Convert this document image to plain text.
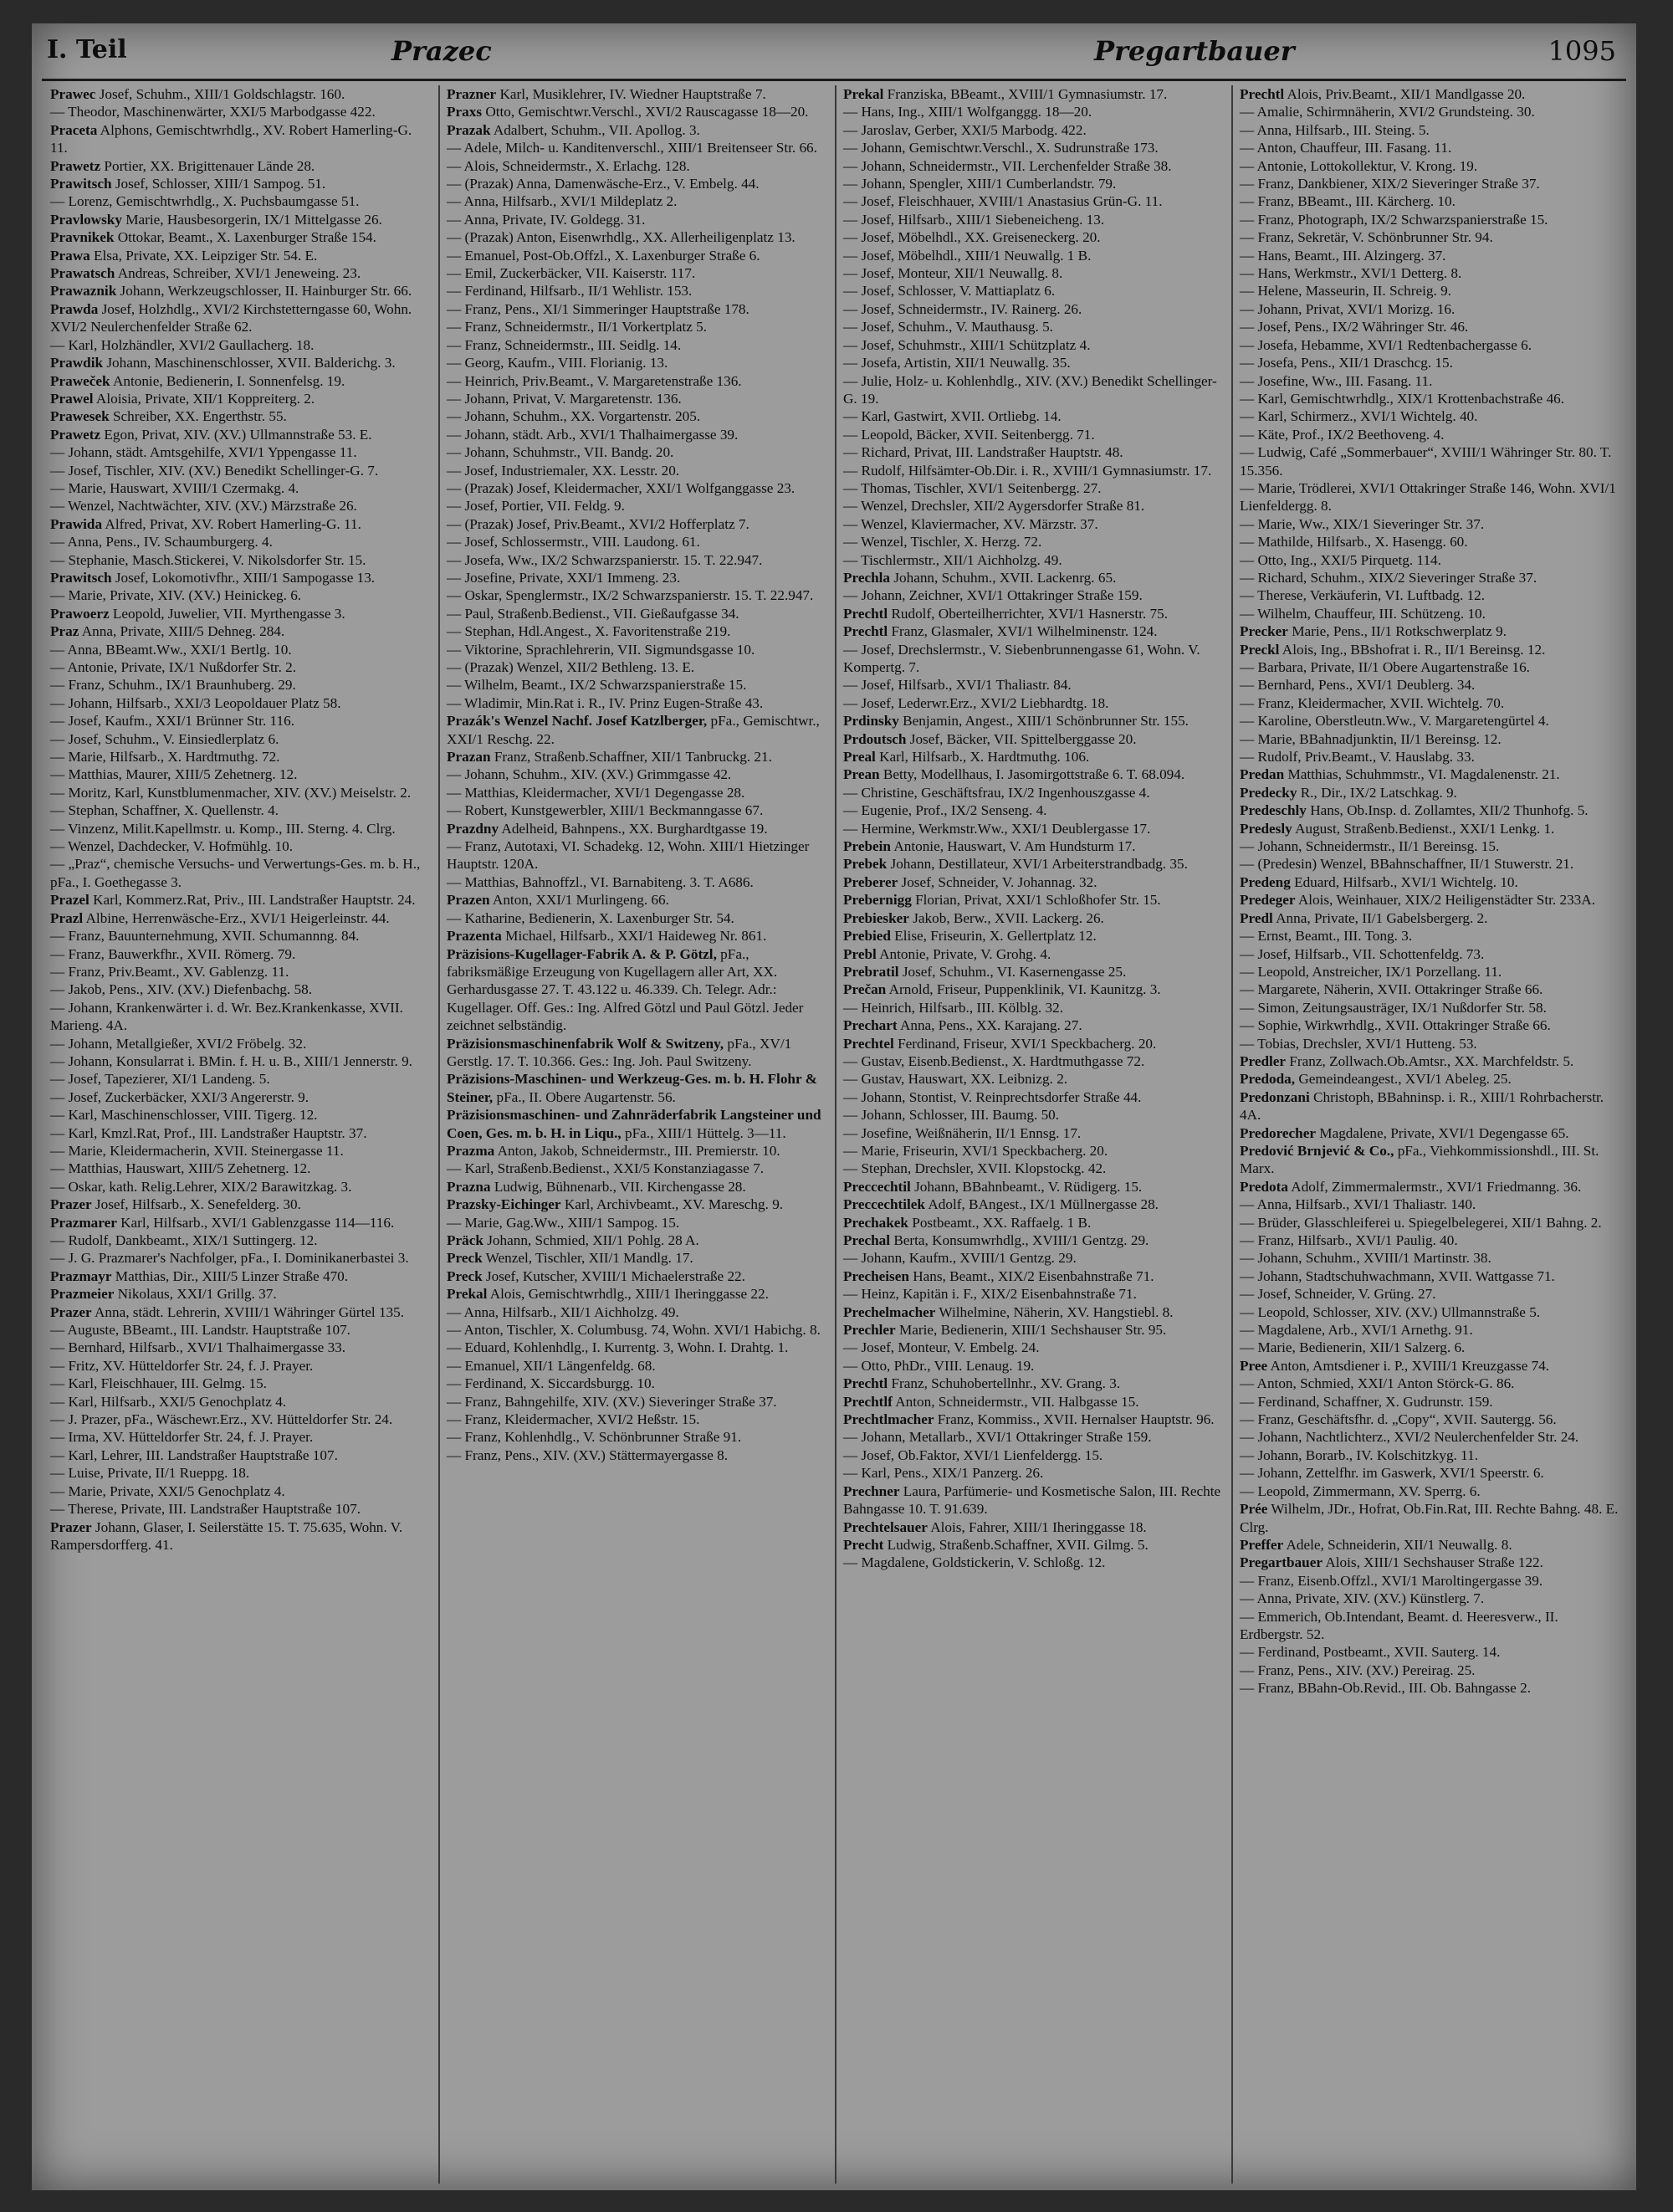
I. Teil	Prazec	Pregartbauer	1095
Prawec Josef, Schuhm., XIII/1 Goldschlagstr. 160.
— Theodor, Maschinenwärter, XXI/5 Marbodgasse 422.
Praceta Alphons, Gemischtwrhdlg., XV. Robert Hamerling-G. 11.
Prawetz Portier, XX. Brigittenauer Lände 28.
Prawitsch Josef, Schlosser, XIII/1 Sampog. 51.
— Lorenz, Gemischtwrhdlg., X. Puchsbaumgasse 51.
Pravlowsky Marie, Hausbesorgerin, IX/1 Mittelgasse 26.
Pravnikek Ottokar, Beamt., X. Laxenburger Straße 154.
Prawa Elsa, Private, XX. Leipziger Str. 54. E.
Prawatsch Andreas, Schreiber, XVI/1 Jeneweing. 23.
Prawaznik Johann, Werkzeugschlosser, II. Hainburger Str. 66.
Prawda Josef, Holzhdlg., XVI/2 Kirchstetterngasse 60, Wohn. XVI/2 Neulerchenfelder Straße 62.
— Karl, Holzhändler, XVI/2 Gaullacherg. 18.
Prawdik Johann, Maschinenschlosser, XVII. Balderichg. 3.
Praweček Antonie, Bedienerin, I. Sonnenfelsg. 19.
Prawel Aloisia, Private, XII/1 Koppreiterg. 2.
Prawesek Schreiber, XX. Engerthstr. 55.
Prawetz Egon, Privat, XIV. (XV.) Ullmannstraße 53. E.
— Johann, städt. Amtsgehilfe, XVI/1 Yppengasse 11.
— Josef, Tischler, XIV. (XV.) Benedikt Schellinger-G. 7.
— Marie, Hauswart, XVIII/1 Czermakg. 4.
— Wenzel, Nachtwächter, XIV. (XV.) Märzstraße 26.
Prawida Alfred, Privat, XV. Robert Hamerling-G. 11.
— Anna, Pens., IV. Schaumburgerg. 4.
— Stephanie, Masch.Stickerei, V. Nikolsdorfer Str. 15.
Prawitsch Josef, Lokomotivfhr., XIII/1 Sampogasse 13.
— Marie, Private, XIV. (XV.) Heinickeg. 6.
Prawoerz Leopold, Juwelier, VII. Myrthengasse 3.
Praz Anna, Private, XIII/5 Dehneg. 284.
— Anna, BBeamt.Ww., XXI/1 Bertlg. 10.
— Antonie, Private, IX/1 Nußdorfer Str. 2.
— Franz, Schuhm., IX/1 Braunhuberg. 29.
— Johann, Hilfsarb., XXI/3 Leopoldauer Platz 58.
— Josef, Kaufm., XXI/1 Brünner Str. 116.
— Josef, Schuhm., V. Einsiedlerplatz 6.
— Marie, Hilfsarb., X. Hardtmuthg. 72.
— Matthias, Maurer, XIII/5 Zehetnerg. 12.
— Moritz, Karl, Kunstblumenmacher, XIV. (XV.) Meiselstr. 2.
— Stephan, Schaffner, X. Quellenstr. 4.
— Vinzenz, Milit.Kapellmstr. u. Komp., III. Sterng. 4. Clrg.
— Wenzel, Dachdecker, V. Hofmühlg. 10.
— „Praz“, chemische Versuchs- und Verwertungs-Ges. m. b. H., pFa., I. Goethegasse 3.
Prazel Karl, Kommerz.Rat, Priv., III. Landstraßer Hauptstr. 24.
Prazl Albine, Herrenwäsche-Erz., XVI/1 Heigerleinstr. 44.
— Franz, Bauunternehmung, XVII. Schumannng. 84.
— Franz, Bauwerkfhr., XVII. Römerg. 79.
— Franz, Priv.Beamt., XV. Gablenzg. 11.
— Jakob, Pens., XIV. (XV.) Diefenbachg. 58.
— Johann, Krankenwärter i. d. Wr. Bez.Krankenkasse, XVII. Marieng. 4A.
— Johann, Metallgießer, XVI/2 Fröbelg. 32.
— Johann, Konsularrat i. BMin. f. H. u. B., XIII/1 Jennerstr. 9.
— Josef, Tapezierer, XI/1 Landeng. 5.
— Josef, Zuckerbäcker, XXI/3 Angererstr. 9.
— Karl, Maschinenschlosser, VIII. Tigerg. 12.
— Karl, Kmzl.Rat, Prof., III. Landstraßer Hauptstr. 37.
— Marie, Kleidermacherin, XVII. Steinergasse 11.
— Matthias, Hauswart, XIII/5 Zehetnerg. 12.
— Oskar, kath. Relig.Lehrer, XIX/2 Barawitzkag. 3.
Prazer Josef, Hilfsarb., X. Senefelderg. 30.
Prazmarer Karl, Hilfsarb., XVI/1 Gablenzgasse 114—116.
— Rudolf, Dankbeamt., XIX/1 Suttingerg. 12.
— J. G. Prazmarer's Nachfolger, pFa., I. Dominikanerbastei 3.
Prazmayr Matthias, Dir., XIII/5 Linzer Straße 470.
Prazmeier Nikolaus, XXI/1 Grillg. 37.
Prazer Anna, städt. Lehrerin, XVIII/1 Währinger Gürtel 135.
— Auguste, BBeamt., III. Landstr. Hauptstraße 107.
— Bernhard, Hilfsarb., XVI/1 Thalhaimergasse 33.
— Fritz, XV. Hütteldorfer Str. 24, f. J. Prayer.
— Karl, Fleischhauer, III. Gelmg. 15.
— Karl, Hilfsarb., XXI/5 Genochplatz 4.
— J. Prazer, pFa., Wäschewr.Erz., XV. Hütteldorfer Str. 24.
— Irma, XV. Hütteldorfer Str. 24, f. J. Prayer.
— Karl, Lehrer, III. Landstraßer Hauptstraße 107.
— Luise, Private, II/1 Rueppg. 18.
— Marie, Private, XXI/5 Genochplatz 4.
— Therese, Private, III. Landstraßer Hauptstraße 107.
Prazer Johann, Glaser, I. Seilerstätte 15. T. 75.635, Wohn. V. Rampersdorfferg. 41.
Prazner Karl, Musiklehrer, IV. Wiedner Hauptstraße 7.
Praxs Otto, Gemischtwr.Verschl., XVI/2 Rauscagasse 18—20.
Prazak Adalbert, Schuhm., VII. Apollog. 3.
— Adele, Milch- u. Kanditenverschl., XIII/1 Breitenseer Str. 66.
— Alois, Schneidermstr., X. Erlachg. 128.
— (Prazak) Anna, Damenwäsche-Erz., V. Embelg. 44.
— Anna, Hilfsarb., XVI/1 Mildeplatz 2.
— Anna, Private, IV. Goldegg. 31.
— (Prazak) Anton, Eisenwrhdlg., XX. Allerheiligenplatz 13.
— Emanuel, Post-Ob.Offzl., X. Laxenburger Straße 6.
— Emil, Zuckerbäcker, VII. Kaiserstr. 117.
— Ferdinand, Hilfsarb., II/1 Wehlistr. 153.
— Franz, Pens., XI/1 Simmeringer Hauptstraße 178.
— Franz, Schneidermstr., II/1 Vorkertplatz 5.
— Franz, Schneidermstr., III. Seidlg. 14.
— Georg, Kaufm., VIII. Florianig. 13.
— Heinrich, Priv.Beamt., V. Margaretenstraße 136.
— Johann, Privat, V. Margaretenstr. 136.
— Johann, Schuhm., XX. Vorgartenstr. 205.
— Johann, städt. Arb., XVI/1 Thalhaimergasse 39.
— Johann, Schuhmstr., VII. Bandg. 20.
— Josef, Industriemaler, XX. Lesstr. 20.
— (Prazak) Josef, Kleidermacher, XXI/1 Wolfganggasse 23.
— Josef, Portier, VII. Feldg. 9.
— (Prazak) Josef, Priv.Beamt., XVI/2 Hofferplatz 7.
— Josef, Schlossermstr., VIII. Laudong. 61.
— Josefa, Ww., IX/2 Schwarzspanierstr. 15. T. 22.947.
— Josefine, Private, XXI/1 Immeng. 23.
— Oskar, Spenglermstr., IX/2 Schwarzspanierstr. 15. T. 22.947.
— Paul, Straßenb.Bedienst., VII. Gießaufgasse 34.
— Stephan, Hdl.Angest., X. Favoritenstraße 219.
— Viktorine, Sprachlehrerin, VII. Sigmundsgasse 10.
— (Prazak) Wenzel, XII/2 Bethleng. 13. E.
— Wilhelm, Beamt., IX/2 Schwarzspanierstraße 15.
— Wladimir, Min.Rat i. R., IV. Prinz Eugen-Straße 43.
Prazák's Wenzel Nachf. Josef Katzlberger, pFa., Gemischtwr., XXI/1 Reschg. 22.
Prazan Franz, Straßenb.Schaffner, XII/1 Tanbruckg. 21.
— Johann, Schuhm., XIV. (XV.) Grimmgasse 42.
— Matthias, Kleidermacher, XVI/1 Degengasse 28.
— Robert, Kunstgewerbler, XIII/1 Beckmanngasse 67.
Prazdny Adelheid, Bahnpens., XX. Burghardtgasse 19.
— Franz, Autotaxi, VI. Schadekg. 12, Wohn. XIII/1 Hietzinger Hauptstr. 120A.
— Matthias, Bahnoffzl., VI. Barnabiteng. 3. T. A686.
Prazen Anton, XXI/1 Murlingeng. 66.
— Katharine, Bedienerin, X. Laxenburger Str. 54.
Prazenta Michael, Hilfsarb., XXI/1 Haideweg Nr. 861.
Präzisions-Kugellager-Fabrik A. & P. Götzl, pFa., fabriksmäßige Erzeugung von Kugellagern aller Art, XX. Gerhardusgasse 27. T. 43.122 u. 46.339. Ch. Telegr. Adr.: Kugellager. Off. Ges.: Ing. Alfred Götzl und Paul Götzl. Jeder zeichnet selbständig.
Präzisionsmaschinenfabrik Wolf & Switzeny, pFa., XV/1 Gerstlg. 17. T. 10.366. Ges.: Ing. Joh. Paul Switzeny.
Präzisions-Maschinen- und Werkzeug-Ges. m. b. H. Flohr & Steiner, pFa., II. Obere Augartenstr. 56.
Präzisionsmaschinen- und Zahnräderfabrik Langsteiner und Coen, Ges. m. b. H. in Liqu., pFa., XIII/1 Hüttelg. 3—11.
Prazma Anton, Jakob, Schneidermstr., III. Premierstr. 10.
— Karl, Straßenb.Bedienst., XXI/5 Konstanziagasse 7.
Prazna Ludwig, Bühnenarb., VII. Kirchengasse 28.
Prazsky-Eichinger Karl, Archivbeamt., XV. Mareschg. 9.
— Marie, Gag.Ww., XIII/1 Sampog. 15.
Präck Johann, Schmied, XII/1 Pohlg. 28 A.
Preck Wenzel, Tischler, XII/1 Mandlg. 17.
Preck Josef, Kutscher, XVIII/1 Michaelerstraße 22.
Prekal Alois, Gemischtwrhdlg., XIII/1 Iheringgasse 22.
— Anna, Hilfsarb., XII/1 Aichholzg. 49.
— Anton, Tischler, X. Columbusg. 74, Wohn. XVI/1 Habichg. 8.
— Eduard, Kohlenhdlg., I. Kurrentg. 3, Wohn. I. Drahtg. 1.
— Emanuel, XII/1 Längenfeldg. 68.
— Ferdinand, X. Siccardsburgg. 10.
— Franz, Bahngehilfe, XIV. (XV.) Sieveringer Straße 37.
— Franz, Kleidermacher, XVI/2 Heßstr. 15.
— Franz, Kohlenhdlg., V. Schönbrunner Straße 91.
— Franz, Pens., XIV. (XV.) Stättermayergasse 8.
Prekal Franziska, BBeamt., XVIII/1 Gymnasiumstr. 17.
— Hans, Ing., XIII/1 Wolfganggg. 18—20.
— Jaroslav, Gerber, XXI/5 Marbodg. 422.
— Johann, Gemischtwr.Verschl., X. Sudrunstraße 173.
— Johann, Schneidermstr., VII. Lerchenfelder Straße 38.
— Johann, Spengler, XIII/1 Cumberlandstr. 79.
— Josef, Fleischhauer, XVIII/1 Anastasius Grün-G. 11.
— Josef, Hilfsarb., XIII/1 Siebeneicheng. 13.
— Josef, Möbelhdl., XX. Greiseneckerg. 20.
— Josef, Möbelhdl., XIII/1 Neuwallg. 1 B.
— Josef, Monteur, XII/1 Neuwallg. 8.
— Josef, Schlosser, V. Mattiaplatz 6.
— Josef, Schneidermstr., IV. Rainerg. 26.
— Josef, Schuhm., V. Mauthausg. 5.
— Josef, Schuhmstr., XIII/1 Schützplatz 4.
— Josefa, Artistin, XII/1 Neuwallg. 35.
— Julie, Holz- u. Kohlenhdlg., XIV. (XV.) Benedikt Schellinger-G. 19.
— Karl, Gastwirt, XVII. Ortliebg. 14.
— Leopold, Bäcker, XVII. Seitenbergg. 71.
— Richard, Privat, III. Landstraßer Hauptstr. 48.
— Rudolf, Hilfsämter-Ob.Dir. i. R., XVIII/1 Gymnasiumstr. 17.
— Thomas, Tischler, XVI/1 Seitenbergg. 27.
— Wenzel, Drechsler, XII/2 Aygersdorfer Straße 81.
— Wenzel, Klaviermacher, XV. Märzstr. 37.
— Wenzel, Tischler, X. Herzg. 72.
— Tischlermstr., XII/1 Aichholzg. 49.
Prechla Johann, Schuhm., XVII. Lackenrg. 65.
— Johann, Zeichner, XVI/1 Ottakringer Straße 159.
Prechtl Rudolf, Oberteilherrichter, XVI/1 Hasnerstr. 75.
Prechtl Franz, Glasmaler, XVI/1 Wilhelminenstr. 124.
— Josef, Drechslermstr., V. Siebenbrunnengasse 61, Wohn. V. Kompertg. 7.
— Josef, Hilfsarb., XVI/1 Thaliastr. 84.
— Josef, Lederwr.Erz., XVI/2 Liebhardtg. 18.
Prdinsky Benjamin, Angest., XIII/1 Schönbrunner Str. 155.
Prdoutsch Josef, Bäcker, VII. Spittelberggasse 20.
Preal Karl, Hilfsarb., X. Hardtmuthg. 106.
Prean Betty, Modellhaus, I. Jasomirgottstraße 6. T. 68.094.
— Christine, Geschäftsfrau, IX/2 Ingenhouszgasse 4.
— Eugenie, Prof., IX/2 Senseng. 4.
— Hermine, Werkmstr.Ww., XXI/1 Deublergasse 17.
Prebein Antonie, Hauswart, V. Am Hundsturm 17.
Prebek Johann, Destillateur, XVI/1 Arbeiterstrandbadg. 35.
Preberer Josef, Schneider, V. Johannag. 32.
Prebernigg Florian, Privat, XXI/1 Schloßhofer Str. 15.
Prebiesker Jakob, Berw., XVII. Lackerg. 26.
Prebied Elise, Friseurin, X. Gellertplatz 12.
Prebl Antonie, Private, V. Grohg. 4.
Prebratil Josef, Schuhm., VI. Kasernengasse 25.
Prečan Arnold, Friseur, Puppenklinik, VI. Kaunitzg. 3.
— Heinrich, Hilfsarb., III. Kölblg. 32.
Prechart Anna, Pens., XX. Karajang. 27.
Prechtel Ferdinand, Friseur, XVI/1 Speckbacherg. 20.
— Gustav, Eisenb.Bedienst., X. Hardtmuthgasse 72.
— Gustav, Hauswart, XX. Leibnizg. 2.
— Johann, Stontist, V. Reinprechtsdorfer Straße 44.
— Johann, Schlosser, III. Baumg. 50.
— Josefine, Weißnäherin, II/1 Ennsg. 17.
— Marie, Friseurin, XVI/1 Speckbacherg. 20.
— Stephan, Drechsler, XVII. Klopstockg. 42.
Preccechtil Johann, BBahnbeamt., V. Rüdigerg. 15.
Preccechtilek Adolf, BAngest., IX/1 Müllnergasse 28.
Prechakek Postbeamt., XX. Raffaelg. 1 B.
Prechal Berta, Konsumwrhdlg., XVIII/1 Gentzg. 29.
— Johann, Kaufm., XVIII/1 Gentzg. 29.
Precheisen Hans, Beamt., XIX/2 Eisenbahnstraße 71.
— Heinz, Kapitän i. F., XIX/2 Eisenbahnstraße 71.
Prechelmacher Wilhelmine, Näherin, XV. Hangstiebl. 8.
Prechler Marie, Bedienerin, XIII/1 Sechshauser Str. 95.
— Josef, Monteur, V. Embelg. 24.
— Otto, PhDr., VIII. Lenaug. 19.
Prechtl Franz, Schuhobertellnhr., XV. Grang. 3.
Prechtlf Anton, Schneidermstr., VII. Halbgasse 15.
Prechtlmacher Franz, Kommiss., XVII. Hernalser Hauptstr. 96.
— Johann, Metallarb., XVI/1 Ottakringer Straße 159.
— Josef, Ob.Faktor, XVI/1 Lienfeldergg. 15.
— Karl, Pens., XIX/1 Panzerg. 26.
Prechner Laura, Parfümerie- und Kosmetische Salon, III. Rechte Bahngasse 10. T. 91.639.
Prechtelsauer Alois, Fahrer, XIII/1 Iheringgasse 18.
Precht Ludwig, Straßenb.Schaffner, XVII. Gilmg. 5.
— Magdalene, Goldstickerin, V. Schloßg. 12.
Prechtl Alois, Priv.Beamt., XII/1 Mandlgasse 20.
— Amalie, Schirmnäherin, XVI/2 Grundsteing. 30.
— Anna, Hilfsarb., III. Steing. 5.
— Anton, Chauffeur, III. Fasang. 11.
— Antonie, Lottokollektur, V. Krong. 19.
— Franz, Dankbiener, XIX/2 Sieveringer Straße 37.
— Franz, BBeamt., III. Kärcherg. 10.
— Franz, Photograph, IX/2 Schwarzspanierstraße 15.
— Franz, Sekretär, V. Schönbrunner Str. 94.
— Hans, Beamt., III. Alzingerg. 37.
— Hans, Werkmstr., XVI/1 Detterg. 8.
— Helene, Masseurin, II. Schreig. 9.
— Johann, Privat, XVI/1 Morizg. 16.
— Josef, Pens., IX/2 Währinger Str. 46.
— Josefa, Hebamme, XVI/1 Redtenbachergasse 6.
— Josefa, Pens., XII/1 Draschcg. 15.
— Josefine, Ww., III. Fasang. 11.
— Karl, Gemischtwrhdlg., XIX/1 Krottenbachstraße 46.
— Karl, Schirmerz., XVI/1 Wichtelg. 40.
— Käte, Prof., IX/2 Beethoveng. 4.
— Ludwig, Café „Sommerbauer“, XVIII/1 Währinger Str. 80. T. 15.356.
— Marie, Trödlerei, XVI/1 Ottakringer Straße 146, Wohn. XVI/1 Lienfeldergg. 8.
— Marie, Ww., XIX/1 Sieveringer Str. 37.
— Mathilde, Hilfsarb., X. Hasengg. 60.
— Otto, Ing., XXI/5 Pirquetg. 114.
— Richard, Schuhm., XIX/2 Sieveringer Straße 37.
— Therese, Verkäuferin, VI. Luftbadg. 12.
— Wilhelm, Chauffeur, III. Schützeng. 10.
Precker Marie, Pens., II/1 Rotkschwerplatz 9.
Preckl Alois, Ing., BBshofrat i. R., II/1 Bereinsg. 12.
— Barbara, Private, II/1 Obere Augartenstraße 16.
— Bernhard, Pens., XVI/1 Deublerg. 34.
— Franz, Kleidermacher, XVII. Wichtelg. 70.
— Karoline, Oberstleutn.Ww., V. Margaretengürtel 4.
— Marie, BBahnadjunktin, II/1 Bereinsg. 12.
— Rudolf, Priv.Beamt., V. Hauslabg. 33.
Predan Matthias, Schuhmmstr., VI. Magdalenenstr. 21.
Predecky R., Dir., IX/2 Latschkag. 9.
Predeschly Hans, Ob.Insp. d. Zollamtes, XII/2 Thunhofg. 5.
Predesly August, Straßenb.Bedienst., XXI/1 Lenkg. 1.
— Johann, Schneidermstr., II/1 Bereinsg. 15.
— (Predesin) Wenzel, BBahnschaffner, II/1 Stuwerstr. 21.
Predeng Eduard, Hilfsarb., XVI/1 Wichtelg. 10.
Predeger Alois, Weinhauer, XIX/2 Heiligenstädter Str. 233A.
Predl Anna, Private, II/1 Gabelsbergerg. 2.
— Ernst, Beamt., III. Tong. 3.
— Josef, Hilfsarb., VII. Schottenfeldg. 73.
— Leopold, Anstreicher, IX/1 Porzellang. 11.
— Margarete, Näherin, XVII. Ottakringer Straße 66.
— Simon, Zeitungsausträger, IX/1 Nußdorfer Str. 58.
— Sophie, Wirkwrhdlg., XVII. Ottakringer Straße 66.
— Tobias, Drechsler, XVI/1 Hutteng. 53.
Predler Franz, Zollwach.Ob.Amtsr., XX. Marchfeldstr. 5.
Predoda, Gemeindeangest., XVI/1 Abeleg. 25.
Predonzani Christoph, BBahninsp. i. R., XIII/1 Rohrbacherstr. 4A.
Predorecher Magdalene, Private, XVI/1 Degengasse 65.
Predović Brnjević & Co., pFa., Viehkommissionshdl., III. St. Marx.
Predota Adolf, Zimmermalermstr., XVI/1 Friedmanng. 36.
— Anna, Hilfsarb., XVI/1 Thaliastr. 140.
— Brüder, Glasschleiferei u. Spiegelbelegerei, XII/1 Bahng. 2.
— Franz, Hilfsarb., XVI/1 Paulig. 40.
— Johann, Schuhm., XVIII/1 Martinstr. 38.
— Johann, Stadtschuhwachmann, XVII. Wattgasse 71.
— Josef, Schneider, V. Grüng. 27.
— Leopold, Schlosser, XIV. (XV.) Ullmannstraße 5.
— Magdalene, Arb., XVI/1 Arnethg. 91.
— Marie, Bedienerin, XII/1 Salzerg. 6.
Pree Anton, Amtsdiener i. P., XVIII/1 Kreuzgasse 74.
— Anton, Schmied, XXI/1 Anton Störck-G. 86.
— Ferdinand, Schaffner, X. Gudrunstr. 159.
— Franz, Geschäftsfhr. d. „Copy“, XVII. Sautergg. 56.
— Johann, Nachtlichterz., XVI/2 Neulerchenfelder Str. 24.
— Johann, Borarb., IV. Kolschitzkyg. 11.
— Johann, Zettelfhr. im Gaswerk, XVI/1 Speerstr. 6.
— Leopold, Zimmermann, XV. Sperrg. 6.
Prée Wilhelm, JDr., Hofrat, Ob.Fin.Rat, III. Rechte Bahng. 48. E. Clrg.
Preffer Adele, Schneiderin, XII/1 Neuwallg. 8.
Pregartbauer Alois, XIII/1 Sechshauser Straße 122.
— Franz, Eisenb.Offzl., XVI/1 Maroltingergasse 39.
— Anna, Private, XIV. (XV.) Künstlerg. 7.
— Emmerich, Ob.Intendant, Beamt. d. Heeresverw., II. Erdbergstr. 52.
— Ferdinand, Postbeamt., XVII. Sauterg. 14.
— Franz, Pens., XIV. (XV.) Pereirag. 25.
— Franz, BBahn-Ob.Revid., III. Ob. Bahngasse 2.
